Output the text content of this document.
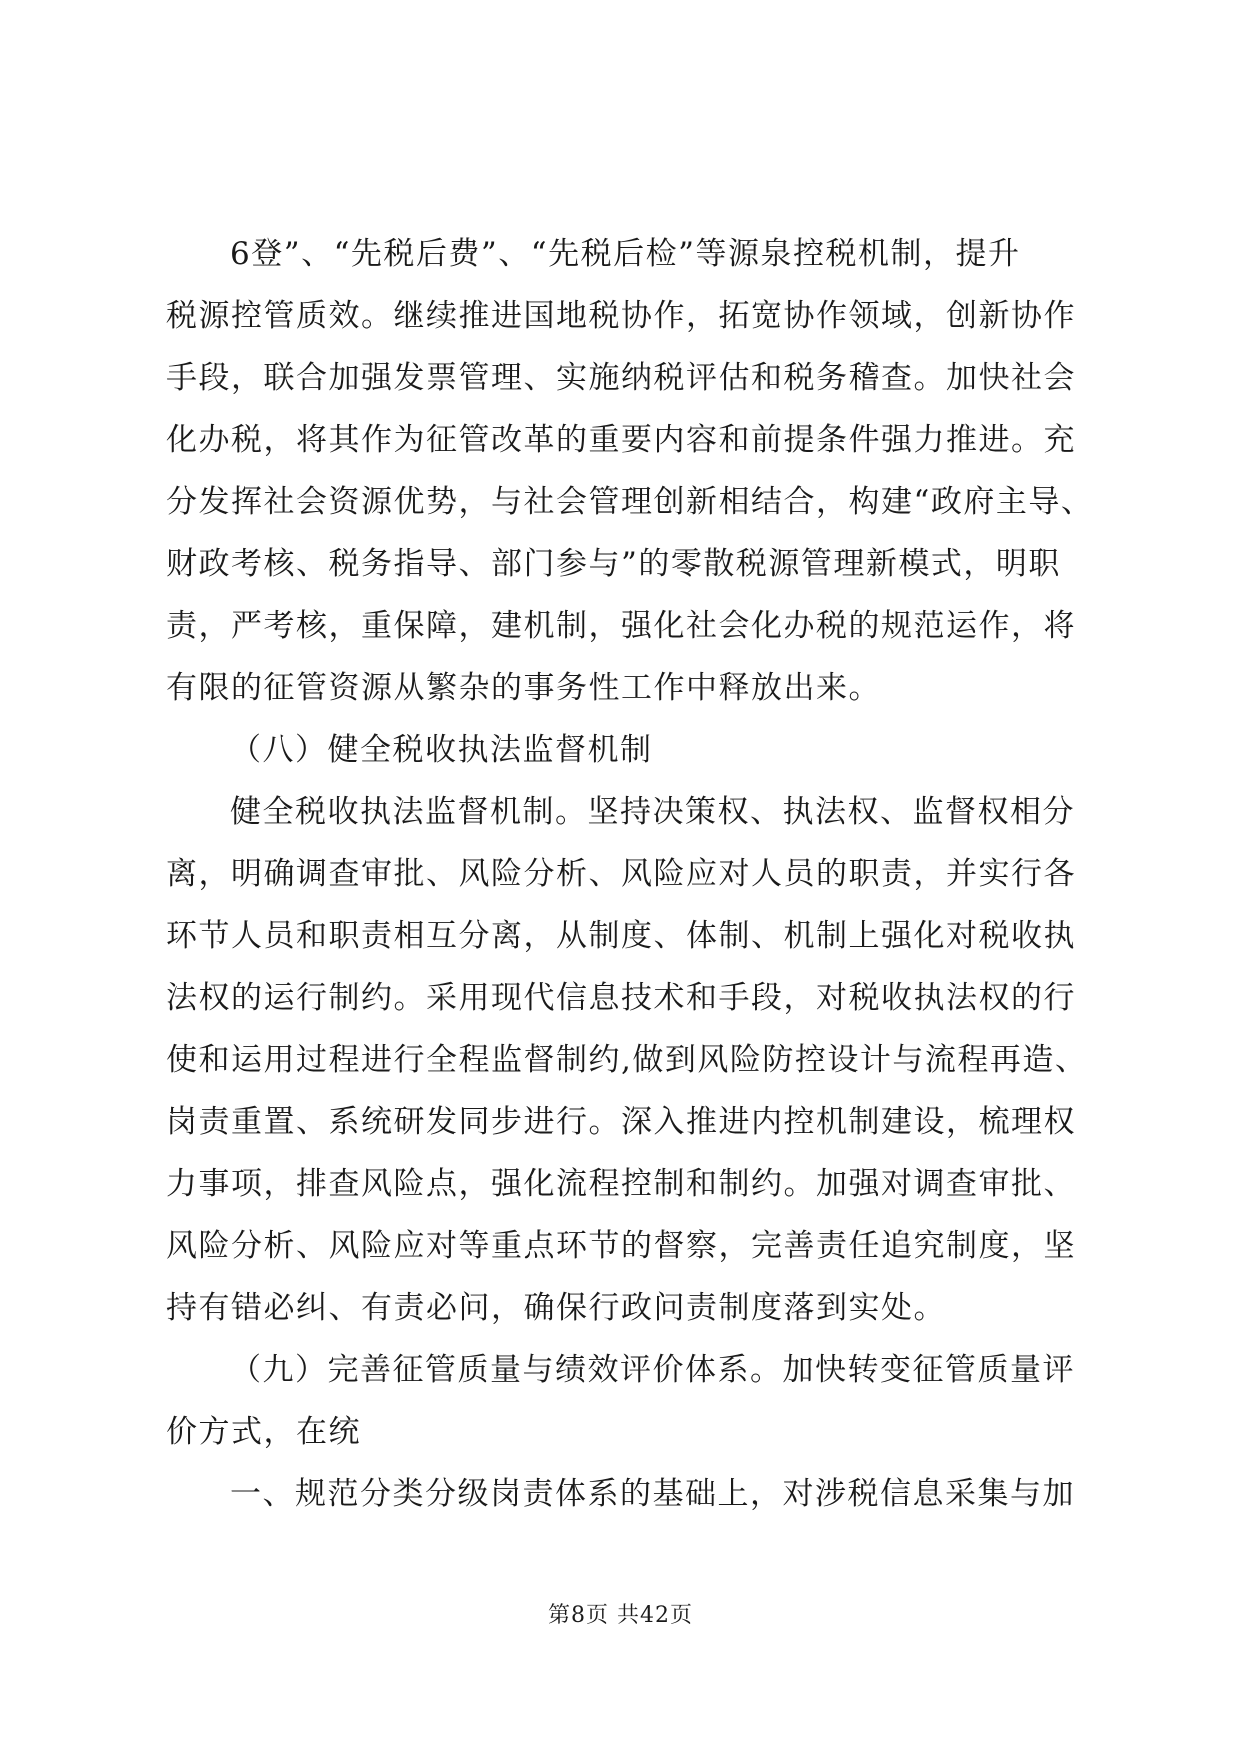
6登”、“先税后费”、“先税后检”等源泉控税机制，提升
税源控管质效。继续推进国地税协作，拓宽协作领域，创新协作
手段，联合加强发票管理、实施纳税评估和税务稽查。加快社会
化办税，将其作为征管改革的重要内容和前提条件强力推进。充
分发挥社会资源优势，与社会管理创新相结合，构建“政府主导、
财政考核、税务指导、部门参与”的零散税源管理新模式，明职
责，严考核，重保障，建机制，强化社会化办税的规范运作，将
有限的征管资源从繁杂的事务性工作中释放出来。
（八）健全税收执法监督机制
健全税收执法监督机制。坚持决策权、执法权、监督权相分
离，明确调查审批、风险分析、风险应对人员的职责，并实行各
环节人员和职责相互分离，从制度、体制、机制上强化对税收执
法权的运行制约。采用现代信息技术和手段，对税收执法权的行
使和运用过程进行全程监督制约,做到风险防控设计与流程再造、
岗责重置、系统研发同步进行。深入推进内控机制建设，梳理权
力事项，排查风险点，强化流程控制和制约。加强对调查审批、
风险分析、风险应对等重点环节的督察，完善责任追究制度，坚
持有错必纠、有责必问，确保行政问责制度落到实处。
（九）完善征管质量与绩效评价体系。加快转变征管质量评
价方式，在统
一、规范分类分级岗责体系的基础上，对涉税信息采集与加
第8页 共42页
